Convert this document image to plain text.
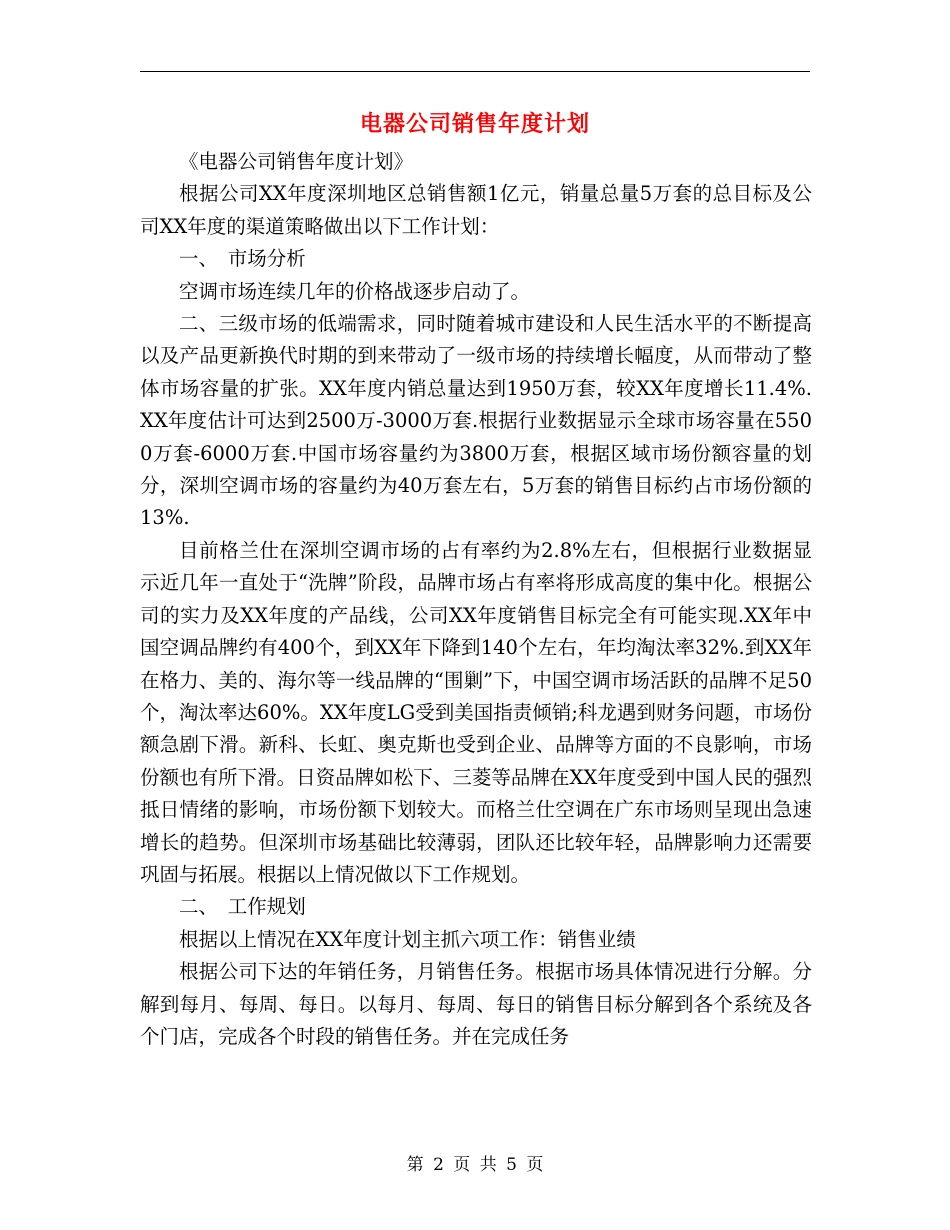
电器公司销售年度计划

《电器公司销售年度计划》

根据公司XX年度深圳地区总销售额1亿元，销量总量5万套的总目标及公司XX年度的渠道策略做出以下工作计划：

一、　市场分析

空调市场连续几年的价格战逐步启动了。

二、三级市场的低端需求，同时随着城市建设和人民生活水平的不断提高以及产品更新换代时期的到来带动了一级市场的持续增长幅度，从而带动了整体市场容量的扩张。XX年度内销总量达到1950万套，较XX年度增长11.4%.XX年度估计可达到2500万-3000万套.根据行业数据显示全球市场容量在5500万套-6000万套.中国市场容量约为3800万套，根据区域市场份额容量的划分，深圳空调市场的容量约为40万套左右，5万套的销售目标约占市场份额的13%.

目前格兰仕在深圳空调市场的占有率约为2.8%左右，但根据行业数据显示近几年一直处于“洗牌”阶段，品牌市场占有率将形成高度的集中化。根据公司的实力及XX年度的产品线，公司XX年度销售目标完全有可能实现.XX年中国空调品牌约有400个，到XX年下降到140个左右，年均淘汰率32%.到XX年在格力、美的、海尔等一线品牌的“围剿”下，中国空调市场活跃的品牌不足50个，淘汰率达60%。XX年度LG受到美国指责倾销;科龙遇到财务问题，市场份额急剧下滑。新科、长虹、奥克斯也受到企业、品牌等方面的不良影响，市场份额也有所下滑。日资品牌如松下、三菱等品牌在XX年度受到中国人民的强烈抵日情绪的影响，市场份额下划较大。而格兰仕空调在广东市场则呈现出急速增长的趋势。但深圳市场基础比较薄弱，团队还比较年轻，品牌影响力还需要巩固与拓展。根据以上情况做以下工作规划。

二、　工作规划

根据以上情况在XX年度计划主抓六项工作：销售业绩

根据公司下达的年销任务，月销售任务。根据市场具体情况进行分解。分解到每月、每周、每日。以每月、每周、每日的销售目标分解到各个系统及各个门店，完成各个时段的销售任务。并在完成任务

第 2 页 共 5 页
